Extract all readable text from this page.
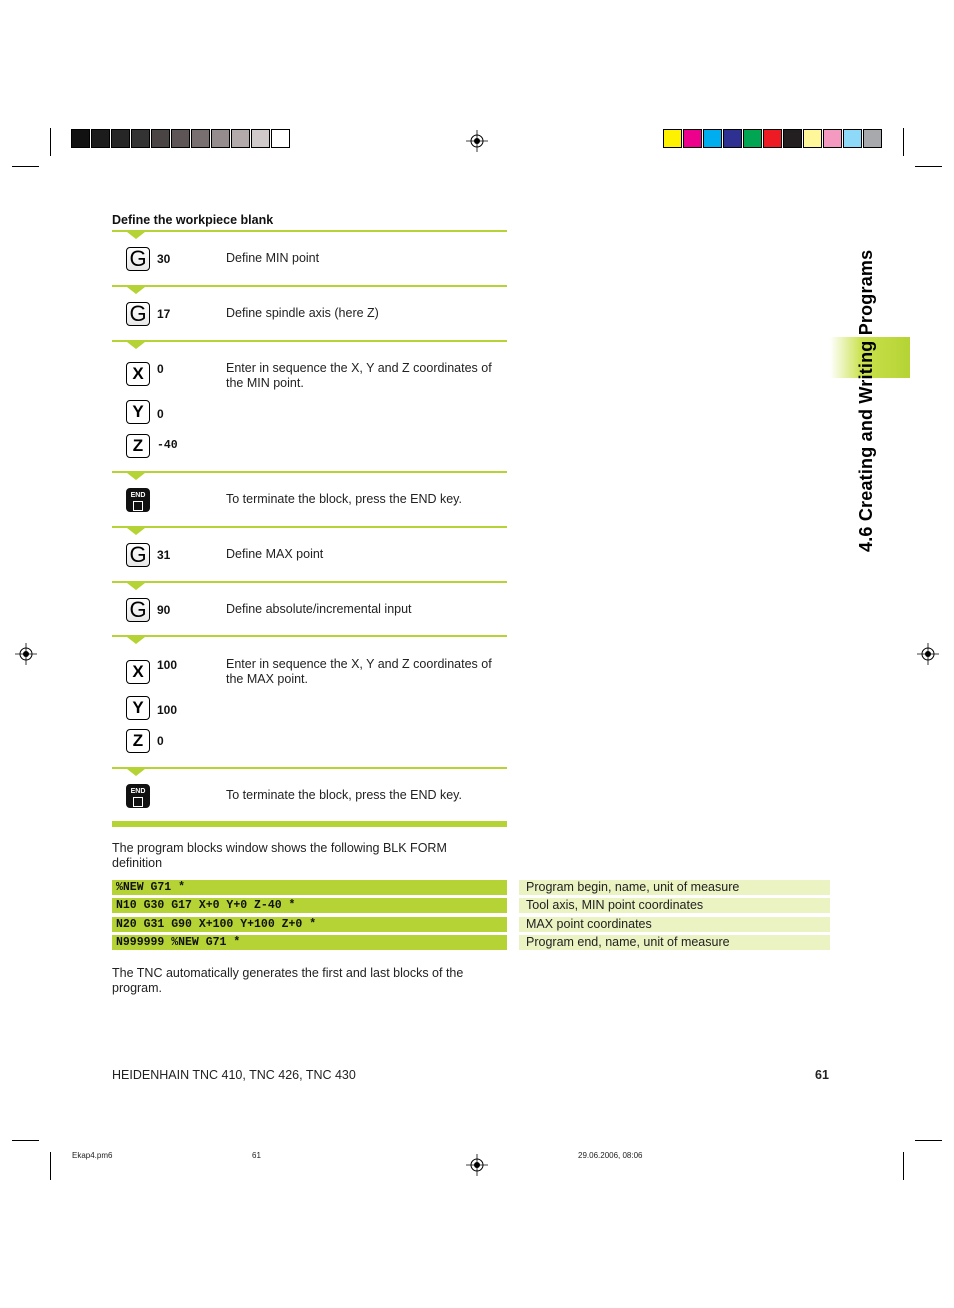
4.6 Creating and Writing Programs
Define the workpiece blank
G 30	Define MIN point
G 17	Define spindle axis (here Z)
X	0
Y	0
Z	-40
Enter in sequence the X, Y and Z coordinates of the MIN point.
END	To terminate the block, press the END key.
G 31	Define MAX point
G 90	Define absolute/incremental input
X	100
Y	100
Z	0
Enter in sequence the X, Y and Z coordinates of the MAX point.
END	To terminate the block, press the END key.
The program blocks window shows the following BLK FORM definition
%NEW G71 *	Program begin, name, unit of measure
N10 G30 G17 X+0 Y+0 Z-40 *	Tool axis, MIN point coordinates
N20 G31 G90 X+100 Y+100 Z+0 *	MAX point coordinates
N999999 %NEW G71 *	Program end, name, unit of measure
The TNC automatically generates the first and last blocks of the program.
HEIDENHAIN TNC 410, TNC 426, TNC 430	61
Ekap4.pm6	61	29.06.2006, 08:06
